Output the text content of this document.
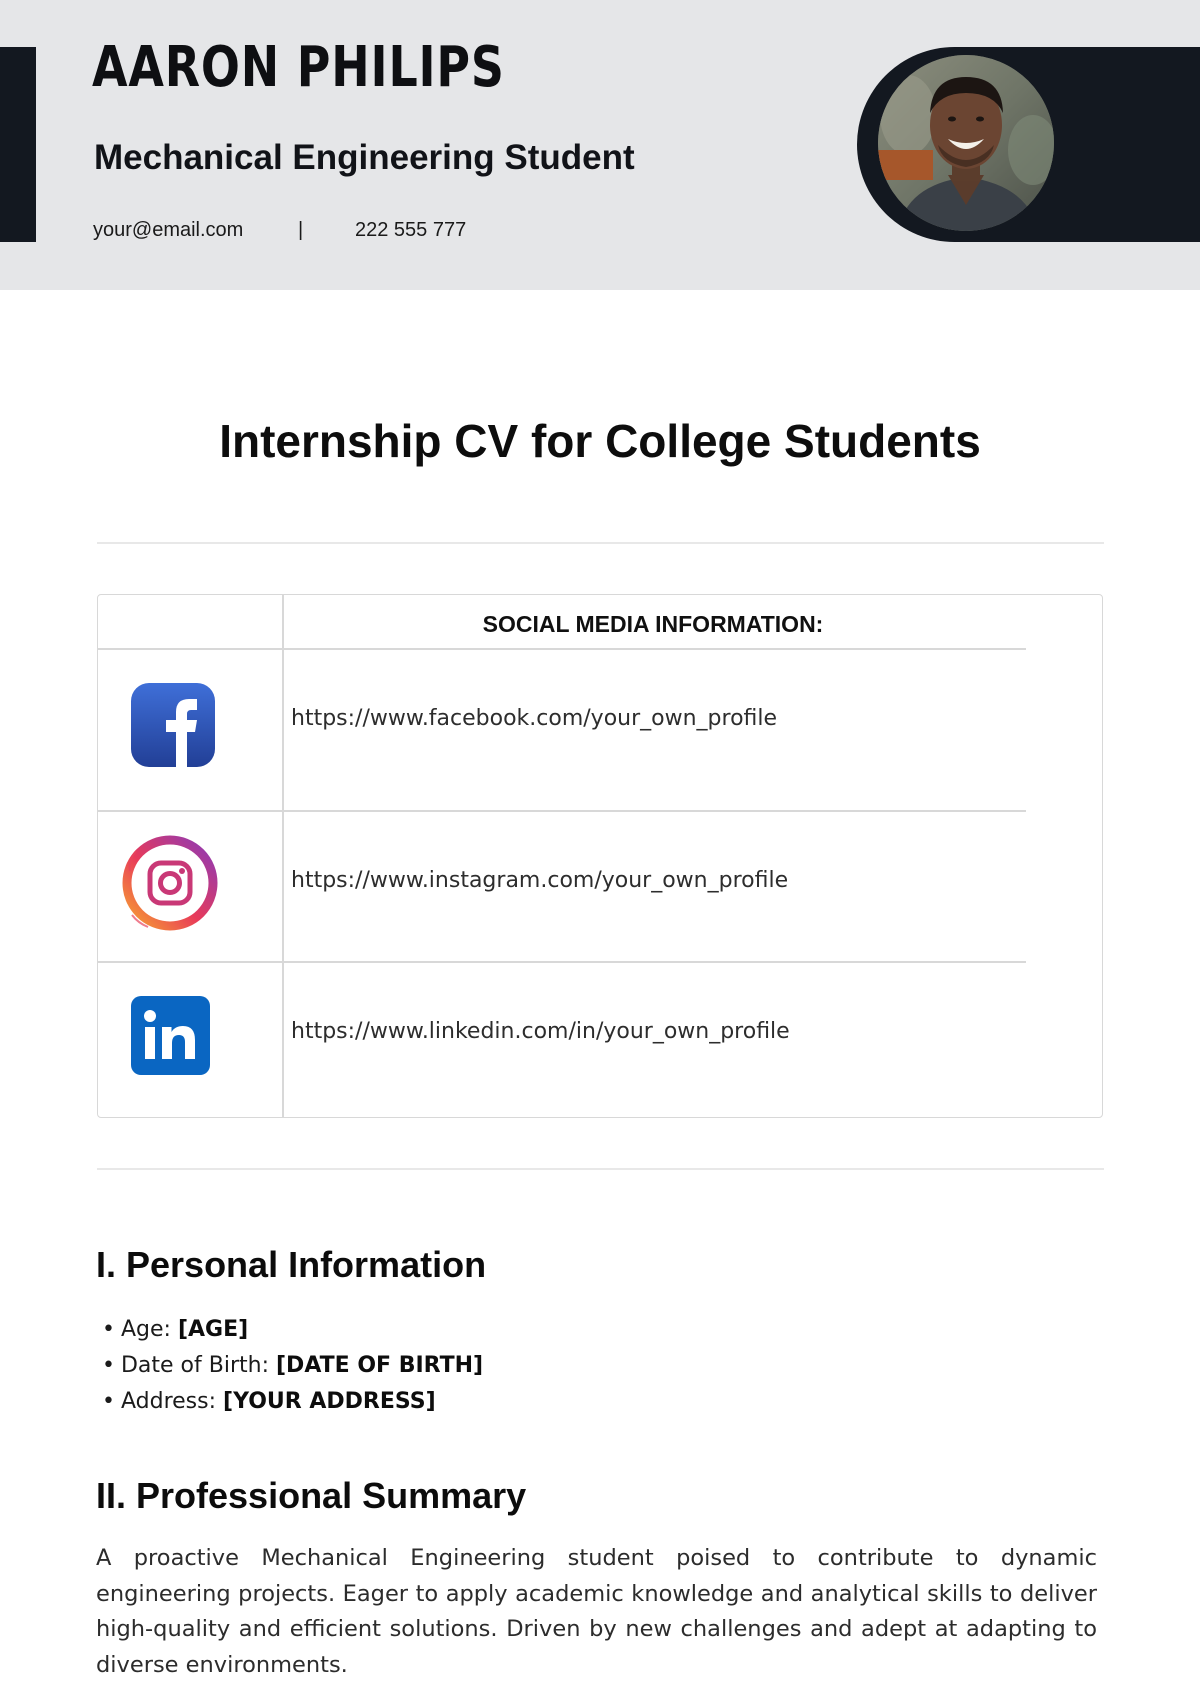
AARON PHILIPS
Mechanical Engineering Student
your@email.com	|	222 555 777
Internship CV for College Students
SOCIAL MEDIA INFORMATION:
https://www.facebook.com/your_own_profile
https://www.instagram.com/your_own_profile
https://www.linkedin.com/in/your_own_profile
I. Personal Information
• Age: [AGE]
• Date of Birth: [DATE OF BIRTH]
• Address: [YOUR ADDRESS]
II. Professional Summary

A proactive Mechanical Engineering student poised to contribute to dynamic engineering projects. Eager to apply academic knowledge and analytical skills to deliver high-quality and efficient solutions. Driven by new challenges and adept at adapting to diverse environments.
